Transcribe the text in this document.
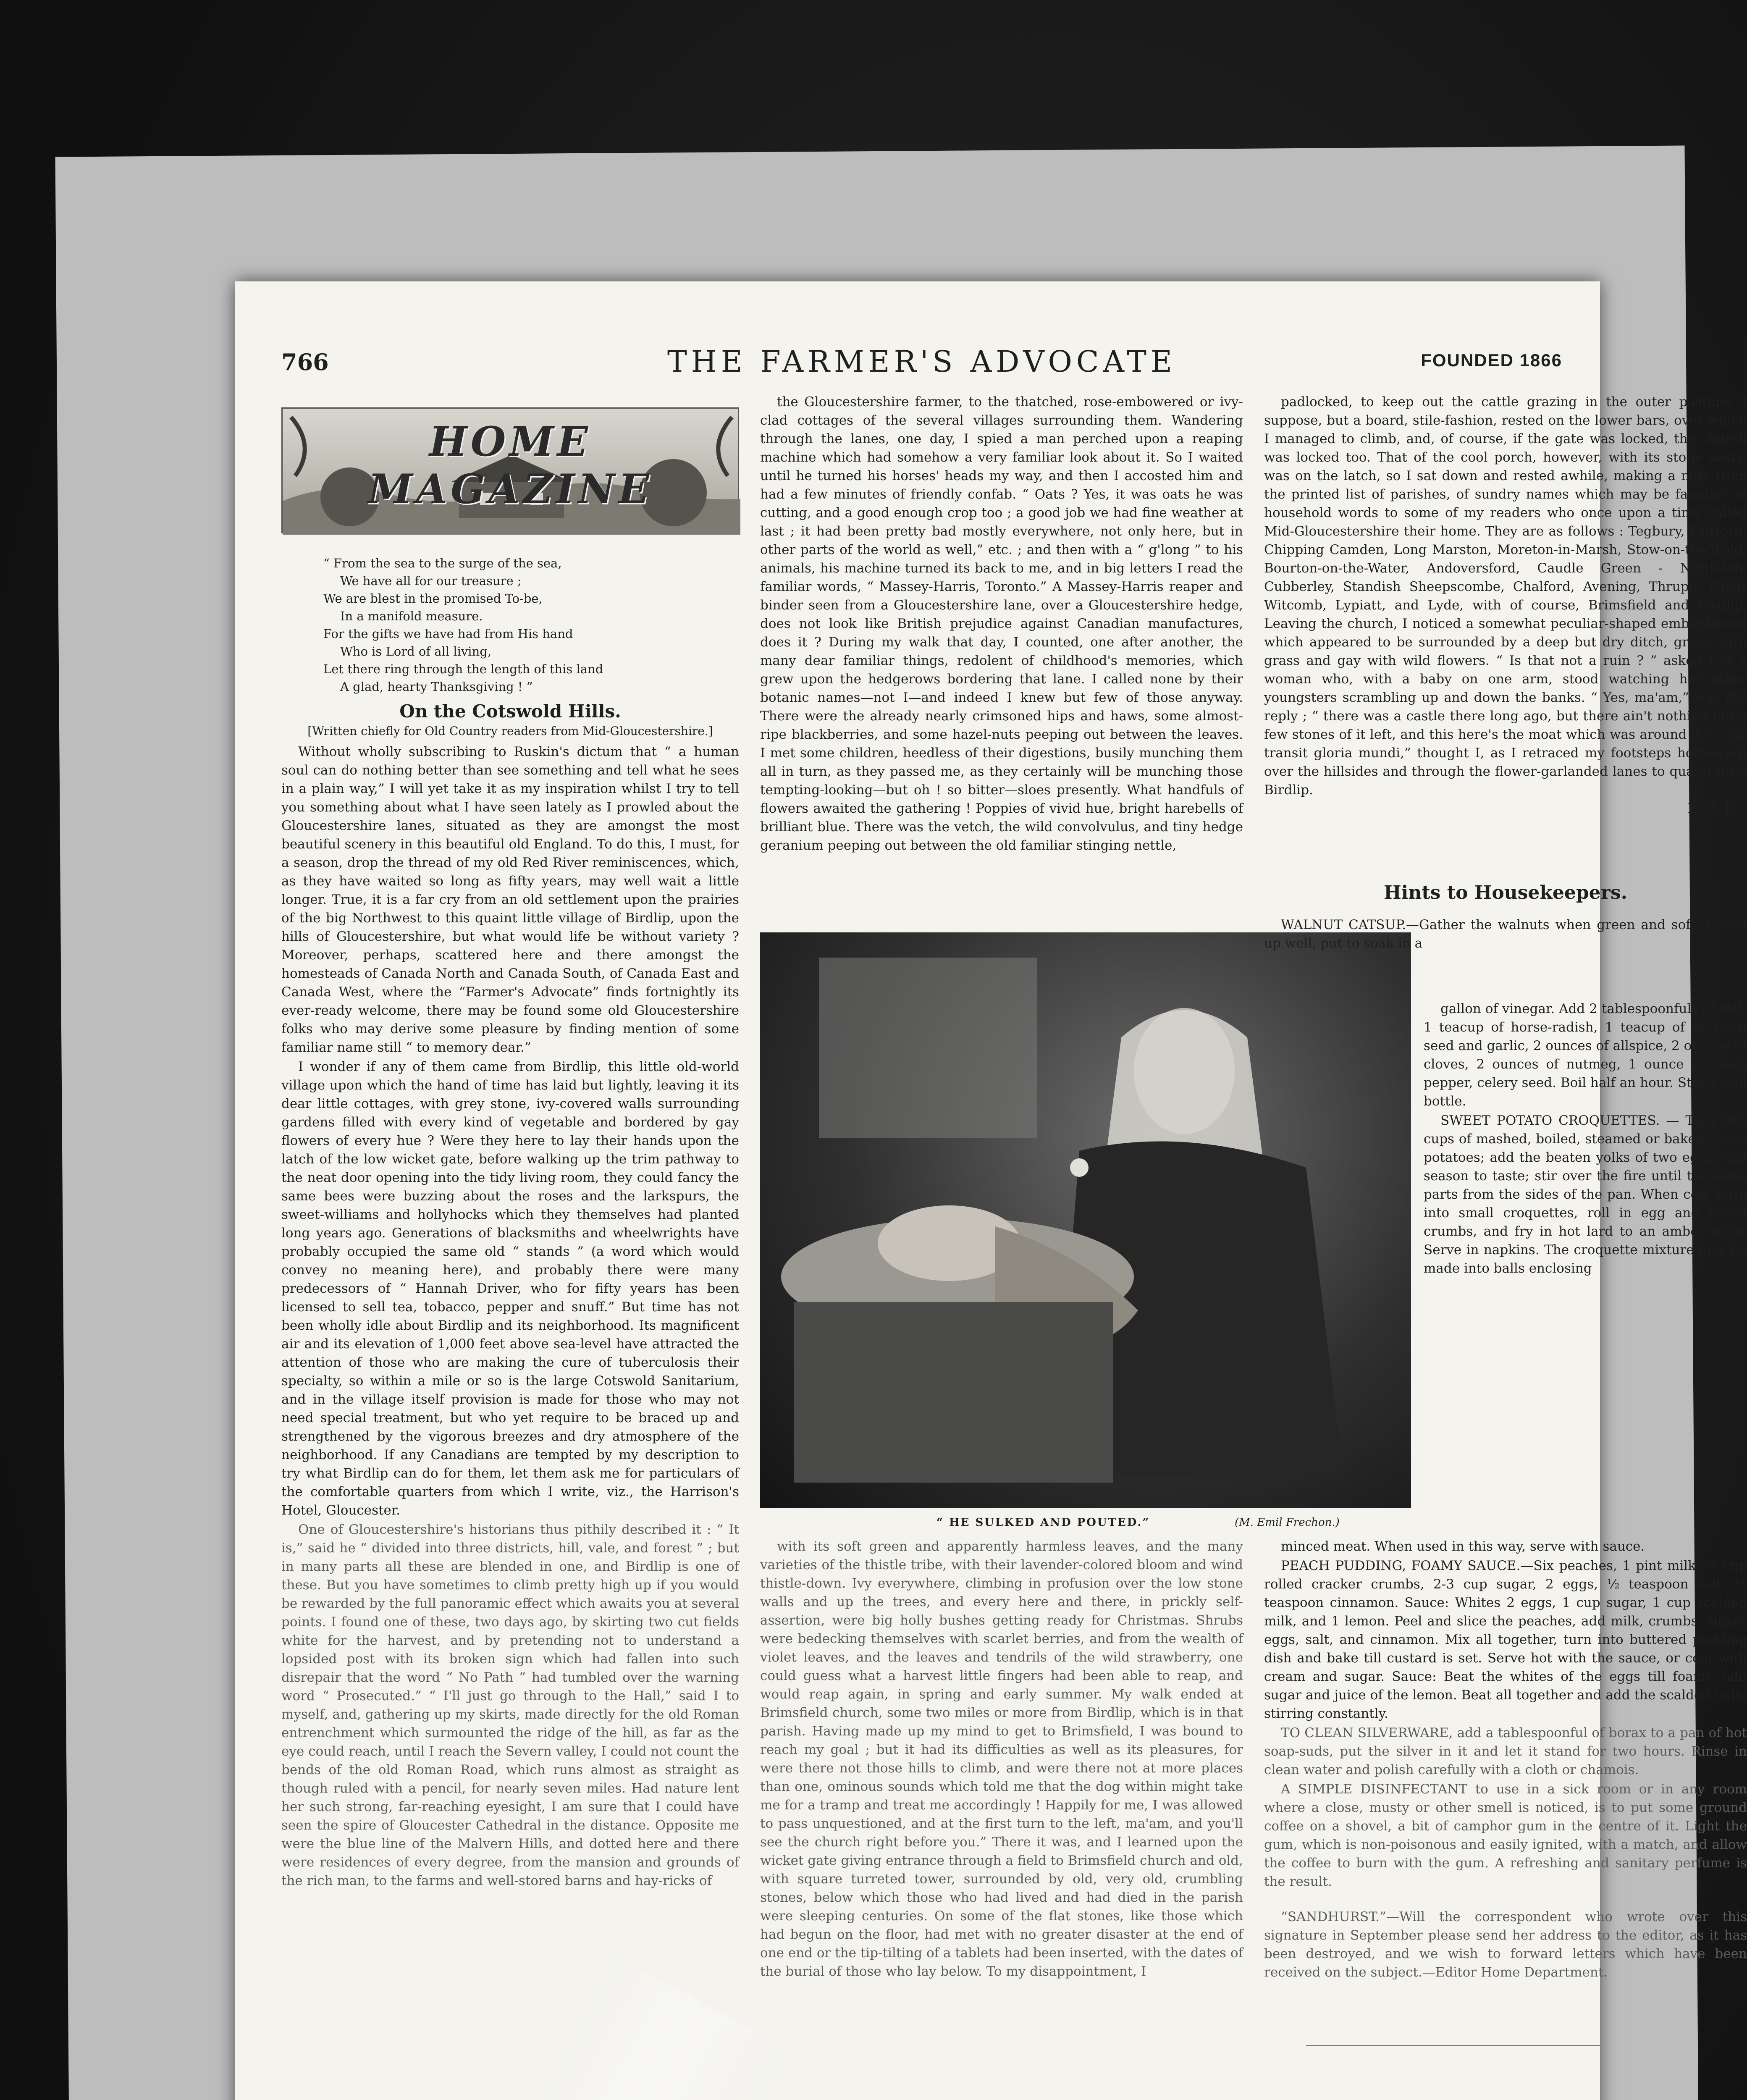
766	THE FARMER'S ADVOCATE	FOUNDED 1866
HOME MAGAZINE
“ From the sea to the surge of the sea,
We have all for our treasure ;
We are blest in the promised To-be,
In a manifold measure.
For the gifts we have had from His hand
Who is Lord of all living,
Let there ring through the length of this land
A glad, hearty Thanksgiving ! ”
On the Cotswold Hills.
[Written chiefly for Old Country readers from Mid-Gloucestershire.]

Without wholly subscribing to Ruskin's dictum that “ a human soul can do nothing better than see something and tell what he sees in a plain way,” I will yet take it as my inspiration whilst I try to tell you something about what I have seen lately as I prowled about the Gloucestershire lanes, situated as they are amongst the most beautiful scenery in this beautiful old England. To do this, I must, for a season, drop the thread of my old Red River reminiscences, which, as they have waited so long as fifty years, may well wait a little longer. True, it is a far cry from an old settlement upon the prairies of the big Northwest to this quaint little village of Birdlip, upon the hills of Gloucestershire, but what would life be without variety ? Moreover, perhaps, scattered here and there amongst the homesteads of Canada North and Canada South, of Canada East and Canada West, where the “Farmer's Advocate” finds fortnightly its ever-ready welcome, there may be found some old Gloucestershire folks who may derive some pleasure by finding mention of some familiar name still “ to memory dear.”

I wonder if any of them came from Birdlip, this little old-world village upon which the hand of time has laid but lightly, leaving it its dear little cottages, with grey stone, ivy-covered walls surrounding gardens filled with every kind of vegetable and bordered by gay flowers of every hue ? Were they here to lay their hands upon the latch of the low wicket gate, before walking up the trim pathway to the neat door opening into the tidy living room, they could fancy the same bees were buzzing about the roses and the larkspurs, the sweet-williams and hollyhocks which they themselves had planted long years ago. Generations of blacksmiths and wheelwrights have probably occupied the same old “ stands ” (a word which would convey no meaning here), and probably there were many predecessors of “ Hannah Driver, who for fifty years has been licensed to sell tea, tobacco, pepper and snuff.” But time has not been wholly idle about Birdlip and its neighborhood. Its magnificent air and its elevation of 1,000 feet above sea-level have attracted the attention of those who are making the cure of tuberculosis their specialty, so within a mile or so is the large Cotswold Sanitarium, and in the village itself provision is made for those who may not need special treatment, but who yet require to be braced up and strengthened by the vigorous breezes and dry atmosphere of the neighborhood. If any Canadians are tempted by my description to try what Birdlip can do for them, let them ask me for particulars of the comfortable quarters from which I write, viz., the Harrison's Hotel, Gloucester.

One of Gloucestershire's historians thus pithily described it : “ It is,” said he “ divided into three districts, hill, vale, and forest ” ; but in many parts all these are blended in one, and Birdlip is one of these. But you have sometimes to climb pretty high up if you would be rewarded by the full panoramic effect which awaits you at several points. I found one of these, two days ago, by skirting two cut fields white for the harvest, and by pretending not to understand a lopsided post with its broken sign which had fallen into such disrepair that the word “ No Path ” had tumbled over the warning word “ Prosecuted.” “ I'll just go through to the Hall,” said I to myself, and, gathering up my skirts, made directly for the old Roman entrenchment which surmounted the ridge of the hill, as far as the eye could reach, until I reach the Severn valley, I could not count the bends of the old Roman Road, which runs almost as straight as though ruled with a pencil, for nearly seven miles. Had nature lent her such strong, far-reaching eyesight, I am sure that I could have seen the spire of Gloucester Cathedral in the distance. Opposite me were the blue line of the Malvern Hills, and dotted here and there were residences of every degree, from the mansion and grounds of the rich man, to the farms and well-stored barns and hay-ricks of

the Gloucestershire farmer, to the thatched, rose-embowered or ivy-clad cottages of the several villages surrounding them. Wandering through the lanes, one day, I spied a man perched upon a reaping machine which had somehow a very familiar look about it. So I waited until he turned his horses' heads my way, and then I accosted him and had a few minutes of friendly confab. “ Oats ? Yes, it was oats he was cutting, and a good enough crop too ; a good job we had fine weather at last ; it had been pretty bad mostly everywhere, not only here, but in other parts of the world as well,” etc. ; and then with a “ g'long ” to his animals, his machine turned its back to me, and in big letters I read the familiar words, “ Massey-Harris, Toronto.” A Massey-Harris reaper and binder seen from a Gloucestershire lane, over a Gloucestershire hedge, does not look like British prejudice against Canadian manufactures, does it ? During my walk that day, I counted, one after another, the many dear familiar things, redolent of childhood's memories, which grew upon the hedgerows bordering that lane. I called none by their botanic names—not I—and indeed I knew but few of those anyway. There were the already nearly crimsoned hips and haws, some almost-ripe blackberries, and some hazel-nuts peeping out between the leaves. I met some children, heedless of their digestions, busily munching them all in turn, as they passed me, as they certainly will be munching those tempting-looking—but oh ! so bitter—sloes presently. What handfuls of flowers awaited the gathering ! Poppies of vivid hue, bright harebells of brilliant blue. There was the vetch, the wild convolvulus, and tiny hedge geranium peeping out between the old familiar stinging nettle,

padlocked, to keep out the cattle grazing in the outer pasture, I suppose, but a board, stile-fashion, rested on the lower bars, over which I managed to climb, and, of course, if the gate was locked, the church was locked too. That of the cool porch, however, with its stone seats, was on the latch, so I sat down and rested awhile, making a note from the printed list of parishes, of sundry names which may be familiar as household words to some of my readers who once upon a time called Mid-Gloucestershire their home. They are as follows : Tegbury, Fairford, Chipping Camden, Long Marston, Moreton-in-Marsh, Stow-on-the-Wold, Bourton-on-the-Water, Andoversford, Caudle Green - Nettleton, Cubberley, Standish Sheepscombe, Chalford, Avening, Thrupp, Great Witcomb, Lypiatt, and Lyde, with of course, Brimsfield and Birdlip. Leaving the church, I noticed a somewhat peculiar-shaped embankment which appeared to be surrounded by a deep but dry ditch, green with grass and gay with wild flowers. “ Is that not a ruin ? ” asked I of a woman who, with a baby on one arm, stood watching her other youngsters scrambling up and down the banks. “ Yes, ma'am,” was the reply ; “ there was a castle there long ago, but there ain't nothing but a few stones of it left, and this here's the moat which was around it.” “ Sic transit gloria mundi,” thought I, as I retraced my footsteps homeward over the hillsides and through the flower-garlanded lanes to quaint little Birdlip.

H. A. B.
“ HE SULKED AND POUTED.”	(M. Emil Frechon.)
Hints to Housekeepers.

WALNUT CATSUP.—Gather the walnuts when green and soft. Pound up well, put to soak in a

gallon of vinegar. Add 2 tablespoonfuls of salt, 1 teacup of horse-radish, 1 teacup of mustard seed and garlic, 2 ounces of allspice, 2 ounces of cloves, 2 ounces of nutmeg, 1 ounce of black pepper, celery seed. Boil half an hour. Strain and bottle.

SWEET POTATO CROQUETTES. — Take two cups of mashed, boiled, steamed or baked sweet potatoes; add the beaten yolks of two eggs, and season to taste; stir over the fire until the mass parts from the sides of the pan. When cold form into small croquettes, roll in egg and bread crumbs, and fry in hot lard to an amber color. Serve in napkins. The croquette mixture may be made into balls enclosing

with its soft green and apparently harmless leaves, and the many varieties of the thistle tribe, with their lavender-colored bloom and wind thistle-down. Ivy everywhere, climbing in profusion over the low stone walls and up the trees, and every here and there, in prickly self-assertion, were big holly bushes getting ready for Christmas. Shrubs were bedecking themselves with scarlet berries, and from the wealth of violet leaves, and the leaves and tendrils of the wild strawberry, one could guess what a harvest little fingers had been able to reap, and would reap again, in spring and early summer. My walk ended at Brimsfield church, some two miles or more from Birdlip, which is in that parish. Having made up my mind to get to Brimsfield, I was bound to reach my goal ; but it had its difficulties as well as its pleasures, for were there not those hills to climb, and were there not at more places than one, ominous sounds which told me that the dog within might take me for a tramp and treat me accordingly ! Happily for me, I was allowed to pass unquestioned, and at the first turn to the left, ma'am, and you'll see the church right before you.” There it was, and I learned upon the wicket gate giving entrance through a field to Brimsfield church and old, with square turreted tower, surrounded by old, very old, crumbling stones, below which those who had lived and had died in the parish were sleeping centuries. On some of the flat stones, like those which had begun on the floor, had met with no greater disaster at the end of one end or the tip-tilting of a tablets had been inserted, with the dates of the burial of those who lay below. To my disappointment, I

minced meat. When used in this way, serve with sauce.

PEACH PUDDING, FOAMY SAUCE.—Six peaches, 1 pint milk, ½ cup rolled cracker crumbs, 2-3 cup sugar, 2 eggs, ½ teaspoon salt, ½ teaspoon cinnamon. Sauce: Whites 2 eggs, 1 cup sugar, 1 cup scalded milk, and 1 lemon. Peel and slice the peaches, add milk, crumbs, sugar, eggs, salt, and cinnamon. Mix all together, turn into buttered pudding dish and bake till custard is set. Serve hot with the sauce, or cold with cream and sugar. Sauce: Beat the whites of the eggs till foamy, add sugar and juice of the lemon. Beat all together and add the scalded milk, stirring constantly.

TO CLEAN SILVERWARE, add a tablespoonful of borax to a pan of hot soap-suds, put the silver in it and let it stand for two hours. Rinse in clean water and polish carefully with a cloth or chamois.

A SIMPLE DISINFECTANT to use in a sick room or in any room where a close, musty or other smell is noticed, is to put some ground coffee on a shovel, a bit of camphor gum in the centre of it. Light the gum, which is non-poisonous and easily ignited, with a match, and allow the coffee to burn with the gum. A refreshing and sanitary perfume is the result.

“SANDHURST.”—Will the correspondent who wrote over this signature in September please send her address to the editor, as it has been destroyed, and we wish to forward letters which have been received on the subject.—Editor Home Department.
